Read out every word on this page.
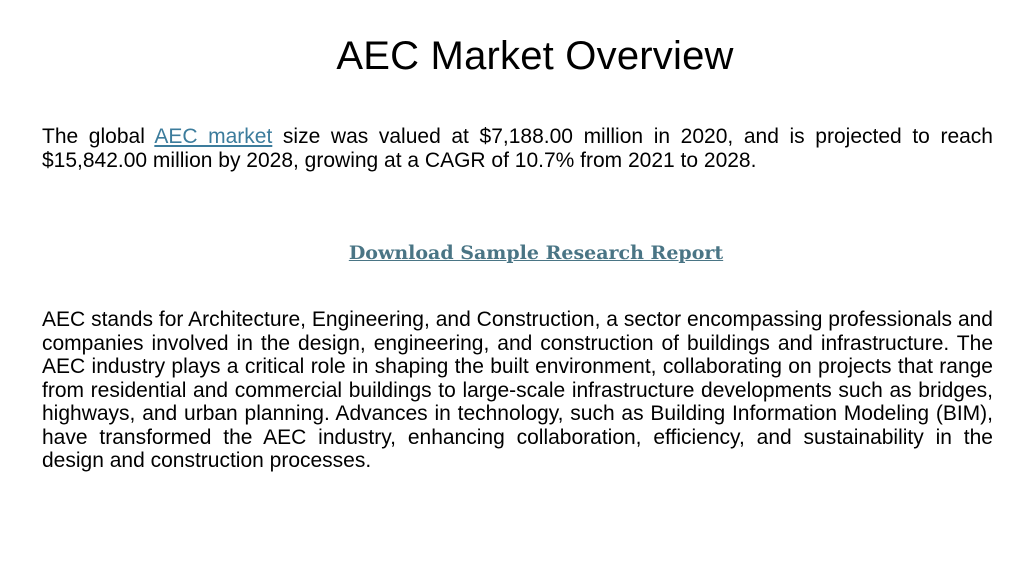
AEC Market Overview

The global AEC market size was valued at $7,188.00 million in 2020, and is projected to reach $15,842.00 million by 2028, growing at a CAGR of 10.7% from 2021 to 2028.

Download Sample Research Report

AEC stands for Architecture, Engineering, and Construction, a sector encompassing professionals and companies involved in the design, engineering, and construction of buildings and infrastructure. The AEC industry plays a critical role in shaping the built environment, collaborating on projects that range from residential and commercial buildings to large-scale infrastructure developments such as bridges, highways, and urban planning. Advances in technology, such as Building Information Modeling (BIM), have transformed the AEC industry, enhancing collaboration, efficiency, and sustainability in the design and construction processes.
